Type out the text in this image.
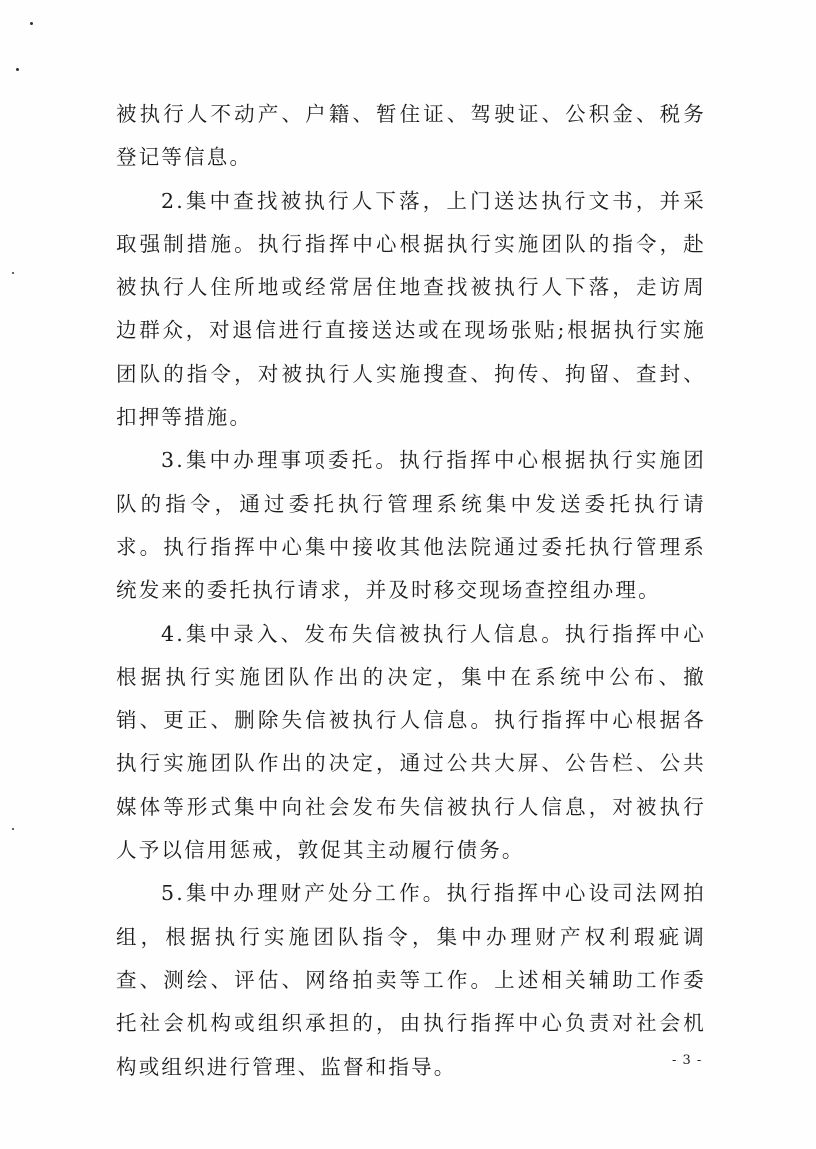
被执行人不动产、户籍、暂住证、驾驶证、公积金、税务登记等信息。

2.集中查找被执行人下落，上门送达执行文书，并采取强制措施。执行指挥中心根据执行实施团队的指令，赴被执行人住所地或经常居住地查找被执行人下落，走访周边群众，对退信进行直接送达或在现场张贴;根据执行实施团队的指令，对被执行人实施搜查、拘传、拘留、查封、扣押等措施。

3.集中办理事项委托。执行指挥中心根据执行实施团队的指令，通过委托执行管理系统集中发送委托执行请求。执行指挥中心集中接收其他法院通过委托执行管理系统发来的委托执行请求，并及时移交现场查控组办理。

4.集中录入、发布失信被执行人信息。执行指挥中心根据执行实施团队作出的决定，集中在系统中公布、撤销、更正、删除失信被执行人信息。执行指挥中心根据各执行实施团队作出的决定，通过公共大屏、公告栏、公共媒体等形式集中向社会发布失信被执行人信息，对被执行人予以信用惩戒，敦促其主动履行债务。

5.集中办理财产处分工作。执行指挥中心设司法网拍组，根据执行实施团队指令，集中办理财产权利瑕疵调查、测绘、评估、网络拍卖等工作。上述相关辅助工作委托社会机构或组织承担的，由执行指挥中心负责对社会机构或组织进行管理、监督和指导。	- 3 -
